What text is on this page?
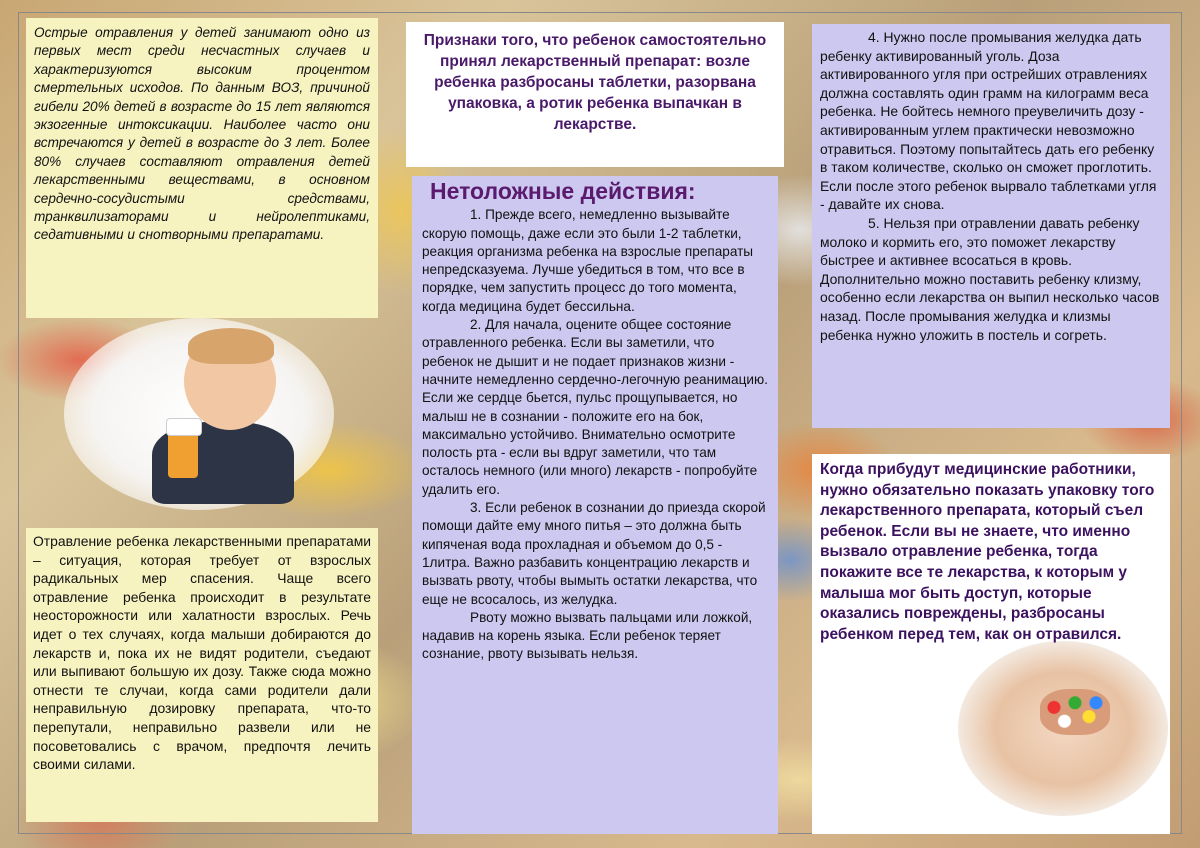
Острые отравления у детей занимают одно из первых мест среди несчастных случаев и характеризуются высоким процентом смертельных исходов. По данным ВОЗ, причиной гибели 20% детей в возрасте до 15 лет являются экзогенные интоксикации. Наиболее часто они встречаются у детей в возрасте до 3 лет. Более 80% случаев составляют отравления детей лекарственными веществами, в основном сердечно-сосудистыми средствами, транквилизаторами и нейролептиками, седативными и снотворными препаратами.
Отравление ребенка лекарственными препаратами – ситуация, которая требует от взрослых радикальных мер спасения. Чаще всего отравление ребенка происходит в результате неосторожности или халатности взрослых. Речь идет о тех случаях, когда малыши добираются до лекарств и, пока их не видят родители, съедают или выпивают большую их дозу. Также сюда можно отнести те случаи, когда сами родители дали неправильную дозировку препарата, что-то перепутали, неправильно развели или не посоветовались с врачом, предпочтя лечить своими силами.
Признаки того, что ребенок самостоятельно принял лекарственный препарат: возле ребенка разбросаны таблетки, разорвана упаковка, а ротик ребенка выпачкан в лекарстве.
Нетоложные действия:

1. Прежде всего, немедленно вызывайте скорую помощь, даже если это были 1-2 таблетки, реакция организма ребенка на взрослые препараты непредсказуема. Лучше убедиться в том, что все в порядке, чем запустить процесс до того момента, когда медицина будет бессильна.

2. Для начала, оцените общее состояние отравленного ребенка. Если вы заметили, что ребенок не дышит и не подает признаков жизни - начните немедленно сердечно-легочную реанимацию. Если же сердце бьется, пульс прощупывается, но малыш не в сознании - положите его на бок, максимально устойчиво. Внимательно осмотрите полость рта - если вы вдруг заметили, что там осталось немного (или много) лекарств - попробуйте удалить его.

3. Если ребенок в сознании до приезда скорой помощи дайте ему много питья – это должна быть кипяченая вода прохладная и объемом до 0,5 - 1литра. Важно разбавить концентрацию лекарств и вызвать рвоту, чтобы вымыть остатки лекарства, что еще не всосалось, из желудка.

Рвоту можно вызвать пальцами или ложкой, надавив на корень языка. Если ребенок теряет сознание, рвоту вызывать нельзя.

4. Нужно после промывания желудка дать ребенку активированный уголь. Доза активированного угля при острейших отравлениях должна составлять один грамм на килограмм веса ребенка. Не бойтесь немного преувеличить дозу - активированным углем практически невозможно отравиться. Поэтому попытайтесь дать его ребенку в таком количестве, сколько он сможет проглотить. Если после этого ребенок вырвало таблетками угля - давайте их снова.

5. Нельзя при отравлении давать ребенку молоко и кормить его, это поможет лекарству быстрее и активнее всосаться в кровь. Дополнительно можно поставить ребенку клизму, особенно если лекарства он выпил несколько часов назад. После промывания желудка и клизмы ребенка нужно уложить в постель и согреть.

Когда прибудут медицинские работники, нужно обязательно показать упаковку того лекарственного препарата, который съел ребенок. Если вы не знаете, что именно вызвало отравление ребенка, тогда покажите все те лекарства, к которым у малыша мог быть доступ, которые оказались повреждены, разбросаны ребенком перед тем, как он отравился.
